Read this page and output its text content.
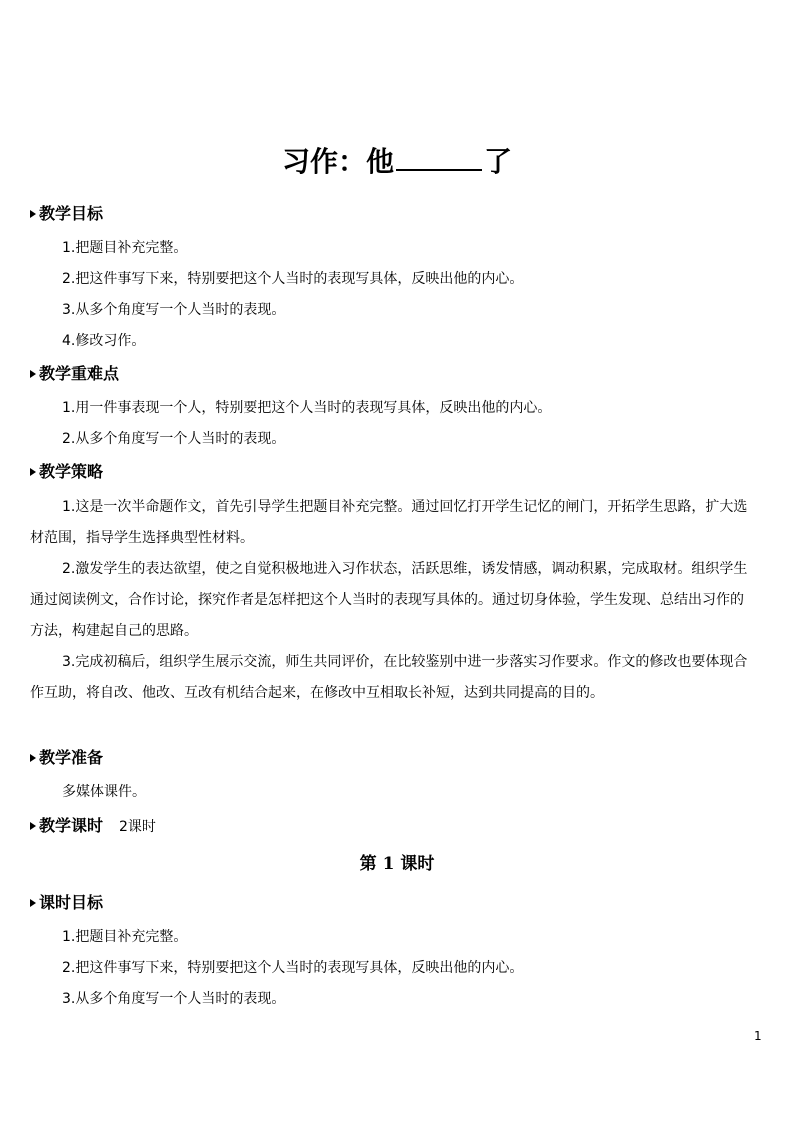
习作：他	了
教学目标
1.把题目补充完整。
2.把这件事写下来，特别要把这个人当时的表现写具体，反映出他的内心。
3.从多个角度写一个人当时的表现。
4.修改习作。
教学重难点
1.用一件事表现一个人，特别要把这个人当时的表现写具体，反映出他的内心。
2.从多个角度写一个人当时的表现。
教学策略

1.这是一次半命题作文，首先引导学生把题目补充完整。通过回忆打开学生记忆的闸门，开拓学生思路，扩大选材范围，指导学生选择典型性材料。

2.激发学生的表达欲望，使之自觉积极地进入习作状态，活跃思维，诱发情感，调动积累，完成取材。组织学生通过阅读例文，合作讨论，探究作者是怎样把这个人当时的表现写具体的。通过切身体验，学生发现、总结出习作的方法，构建起自己的思路。

3.完成初稿后，组织学生展示交流，师生共同评价，在比较鉴别中进一步落实习作要求。作文的修改也要体现合作互助，将自改、他改、互改有机结合起来，在修改中互相取长补短，达到共同提高的目的。

教学准备
多媒体课件。
教学课时 2课时
第 1 课时
课时目标
1.把题目补充完整。
2.把这件事写下来，特别要把这个人当时的表现写具体，反映出他的内心。
3.从多个角度写一个人当时的表现。
1
